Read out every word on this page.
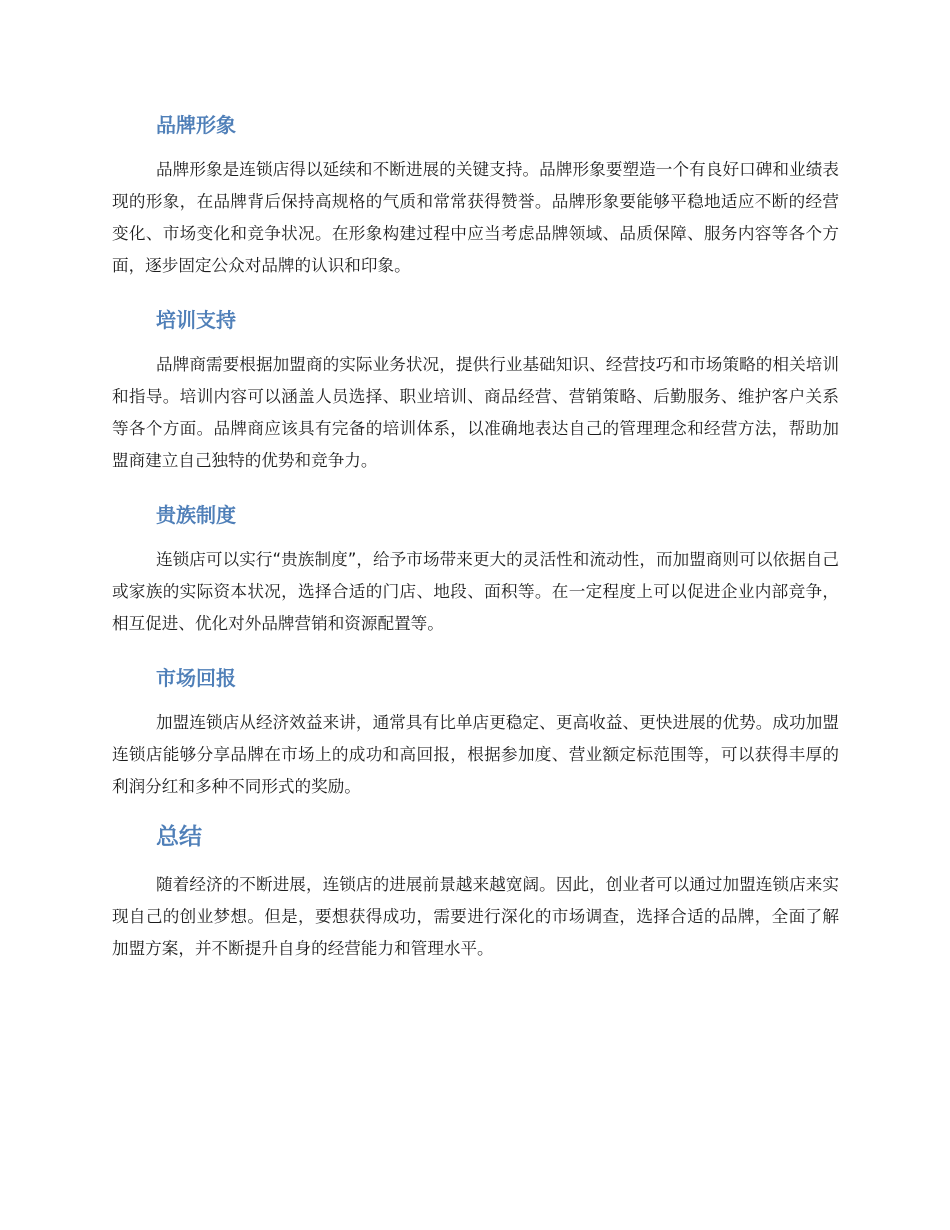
品牌形象

品牌形象是连锁店得以延续和不断进展的关键支持。品牌形象要塑造一个有良好口碑和业绩表现的形象，在品牌背后保持高规格的气质和常常获得赞誉。品牌形象要能够平稳地适应不断的经营变化、市场变化和竞争状况。在形象构建过程中应当考虑品牌领域、品质保障、服务内容等各个方面，逐步固定公众对品牌的认识和印象。

培训支持

品牌商需要根据加盟商的实际业务状况，提供行业基础知识、经营技巧和市场策略的相关培训和指导。培训内容可以涵盖人员选择、职业培训、商品经营、营销策略、后勤服务、维护客户关系等各个方面。品牌商应该具有完备的培训体系，以准确地表达自己的管理理念和经营方法，帮助加盟商建立自己独特的优势和竞争力。

贵族制度

连锁店可以实行“贵族制度”，给予市场带来更大的灵活性和流动性，而加盟商则可以依据自己或家族的实际资本状况，选择合适的门店、地段、面积等。在一定程度上可以促进企业内部竞争，相互促进、优化对外品牌营销和资源配置等。

市场回报

加盟连锁店从经济效益来讲，通常具有比单店更稳定、更高收益、更快进展的优势。成功加盟连锁店能够分享品牌在市场上的成功和高回报，根据参加度、营业额定标范围等，可以获得丰厚的利润分红和多种不同形式的奖励。

总结

随着经济的不断进展，连锁店的进展前景越来越宽阔。因此，创业者可以通过加盟连锁店来实现自己的创业梦想。但是，要想获得成功，需要进行深化的市场调查，选择合适的品牌，全面了解加盟方案，并不断提升自身的经营能力和管理水平。
